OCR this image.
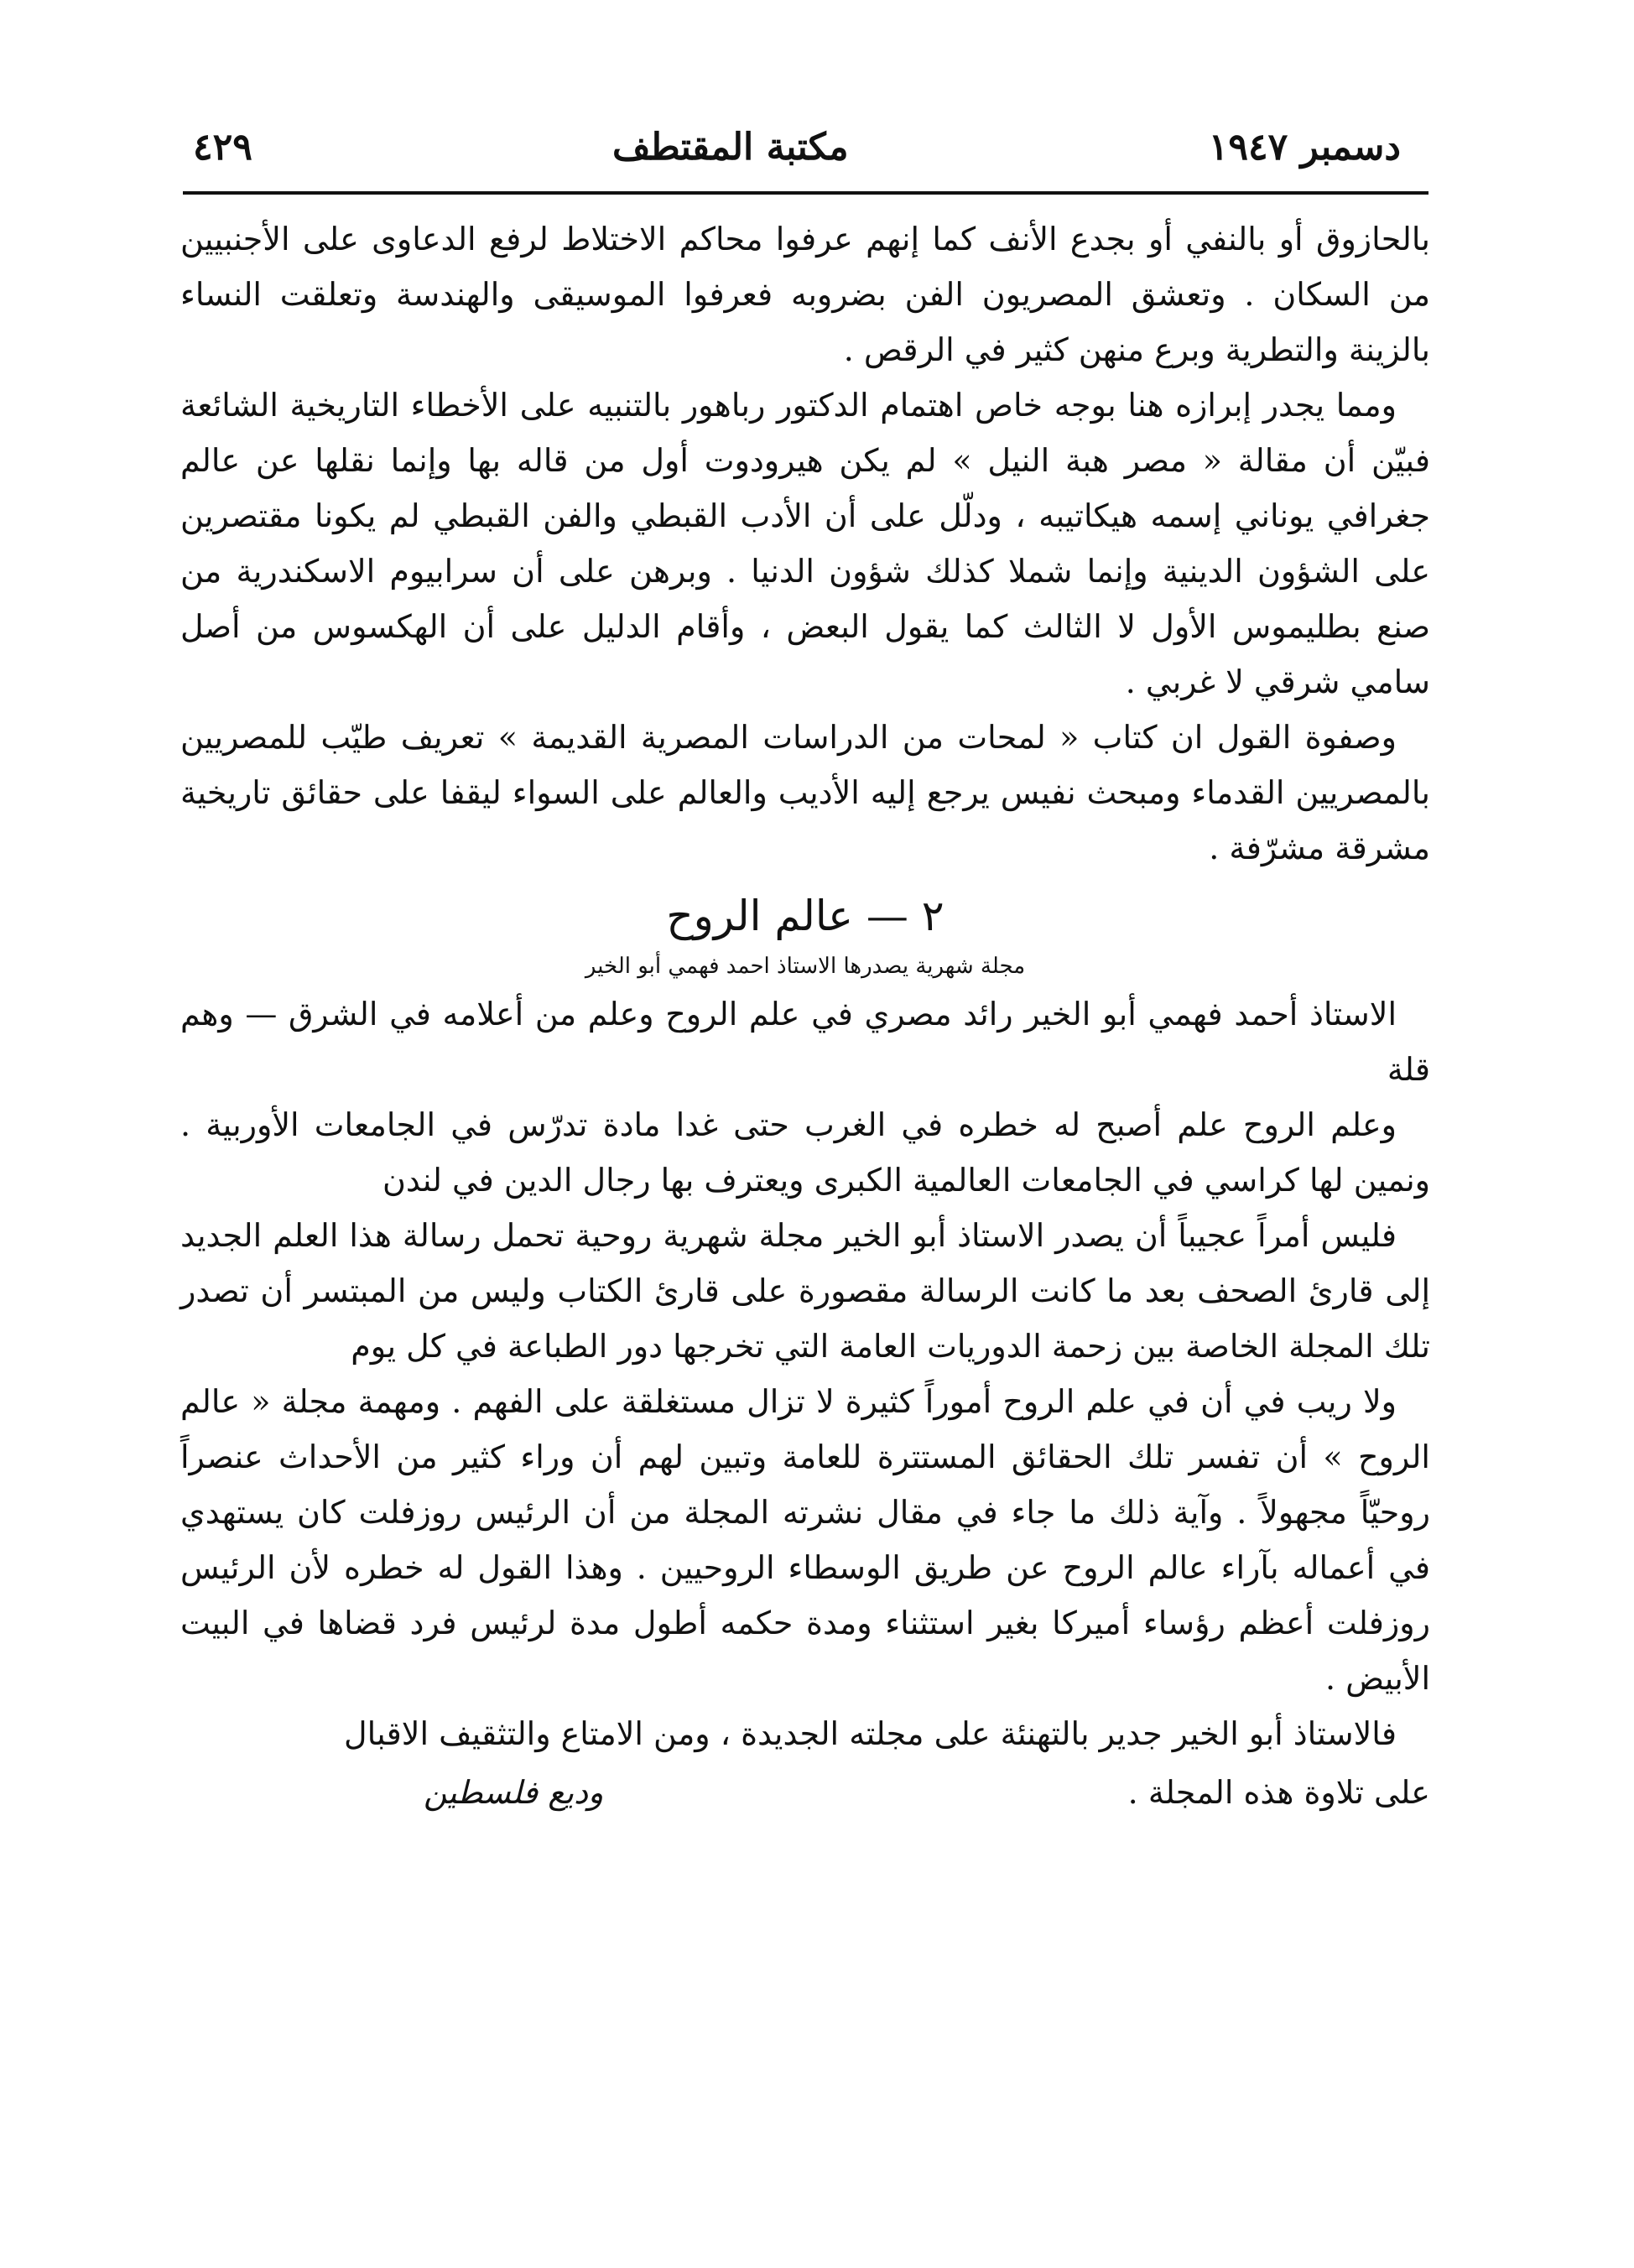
دسمبر ١٩٤٧
مكتبة المقتطف
٤٢٩

بالحازوق أو بالنفي أو بجدع الأنف كما إنهم عرفوا محاكم الاختلاط لرفع الدعاوى على الأجنبيين من السكان . وتعشق المصريون الفن بضروبه فعرفوا الموسيقى والهندسة وتعلقت النساء بالزينة والتطرية وبرع منهن كثير في الرقص .

ومما يجدر إبرازه هنا بوجه خاص اهتمام الدكتور رباهور بالتنبيه على الأخطاء التاريخية الشائعة فبيّن أن مقالة « مصر هبة النيل » لم يكن هيرودوت أول من قاله بها وإنما نقلها عن عالم جغرافي يوناني إسمه هيكاتيبه ، ودلّل على أن الأدب القبطي والفن القبطي لم يكونا مقتصرين على الشؤون الدينية وإنما شملا كذلك شؤون الدنيا . وبرهن على أن سرابيوم الاسكندرية من صنع بطليموس الأول لا الثالث كما يقول البعض ، وأقام الدليل على أن الهكسوس من أصل سامي شرقي لا غربي .

وصفوة القول ان كتاب « لمحات من الدراسات المصرية القديمة » تعريف طيّب للمصريين بالمصريين القدماء ومبحث نفيس يرجع إليه الأديب والعالم على السواء ليقفا على حقائق تاريخية مشرقة مشرّفة .

٢ — عالم الروح

مجلة شهرية يصدرها الاستاذ احمد فهمي أبو الخير

الاستاذ أحمد فهمي أبو الخير رائد مصري في علم الروح وعلم من أعلامه في الشرق — وهم قلة

وعلم الروح علم أصبح له خطره في الغرب حتى غدا مادة تدرّس في الجامعات الأوربية . ونمين لها كراسي في الجامعات العالمية الكبرى ويعترف بها رجال الدين في لندن

فليس أمراً عجيباً أن يصدر الاستاذ أبو الخير مجلة شهرية روحية تحمل رسالة هذا العلم الجديد إلى قارئ الصحف بعد ما كانت الرسالة مقصورة على قارئ الكتاب وليس من المبتسر أن تصدر تلك المجلة الخاصة بين زحمة الدوريات العامة التي تخرجها دور الطباعة في كل يوم

ولا ريب في أن في علم الروح أموراً كثيرة لا تزال مستغلقة على الفهم . ومهمة مجلة « عالم الروح » أن تفسر تلك الحقائق المستترة للعامة وتبين لهم أن وراء كثير من الأحداث عنصراً روحيّاً مجهولاً . وآية ذلك ما جاء في مقال نشرته المجلة من أن الرئيس روزفلت كان يستهدي في أعماله بآراء عالم الروح عن طريق الوسطاء الروحيين . وهذا القول له خطره لأن الرئيس روزفلت أعظم رؤساء أميركا بغير استثناء ومدة حكمه أطول مدة لرئيس فرد قضاها في البيت الأبيض .

فالاستاذ أبو الخير جدير بالتهنئة على مجلته الجديدة ، ومن الامتاع والتثقيف الاقبال

على تلاوة هذه المجلة .
وديع فلسطين
